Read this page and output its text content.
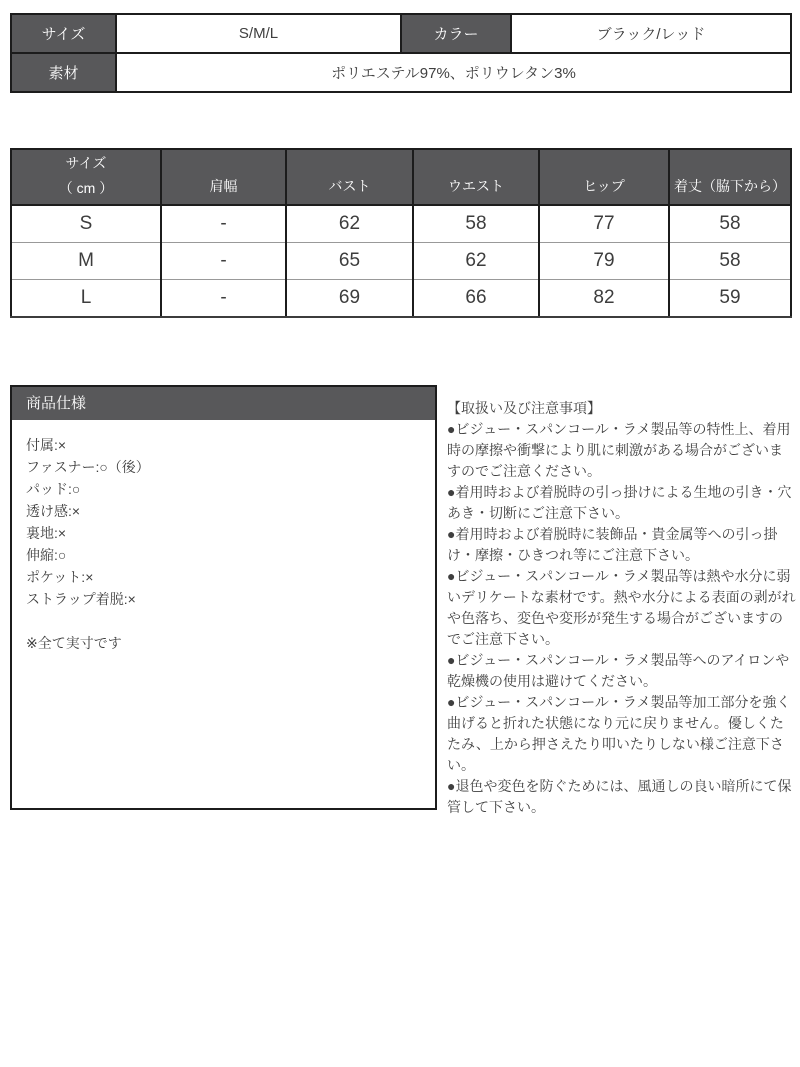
サイズ	S/M/L	カラー	ブラック/レッド
素材	ポリエステル97%、ポリウレタン3%		
サイズ
（ cm ）	肩幅	バスト	ウエスト	ヒップ	着丈（脇下から）
S	-	62	58	77	58
M	-	65	62	79	58
L	-	69	66	82	59
商品仕様
付属:×
ファスナー:○（後）
パッド:○
透け感:×
裏地:×
伸縮:○
ポケット:×
ストラップ着脱:×
※全て実寸です
【取扱い及び注意事項】
●ビジュー・スパンコール・ラメ製品等の特性上、着用時の摩擦や衝撃により肌に刺激がある場合がございますのでご注意ください。
●着用時および着脱時の引っ掛けによる生地の引き・穴あき・切断にご注意下さい。
●着用時および着脱時に装飾品・貴金属等への引っ掛け・摩擦・ひきつれ等にご注意下さい。
●ビジュー・スパンコール・ラメ製品等は熱や水分に弱いデリケートな素材です。熱や水分による表面の剥がれや色落ち、変色や変形が発生する場合がございますのでご注意下さい。
●ビジュー・スパンコール・ラメ製品等へのアイロンや乾燥機の使用は避けてください。
●ビジュー・スパンコール・ラメ製品等加工部分を強く曲げると折れた状態になり元に戻りません。優しくたたみ、上から押さえたり叩いたりしない様ご注意下さい。
●退色や変色を防ぐためには、風通しの良い暗所にて保管して下さい。
